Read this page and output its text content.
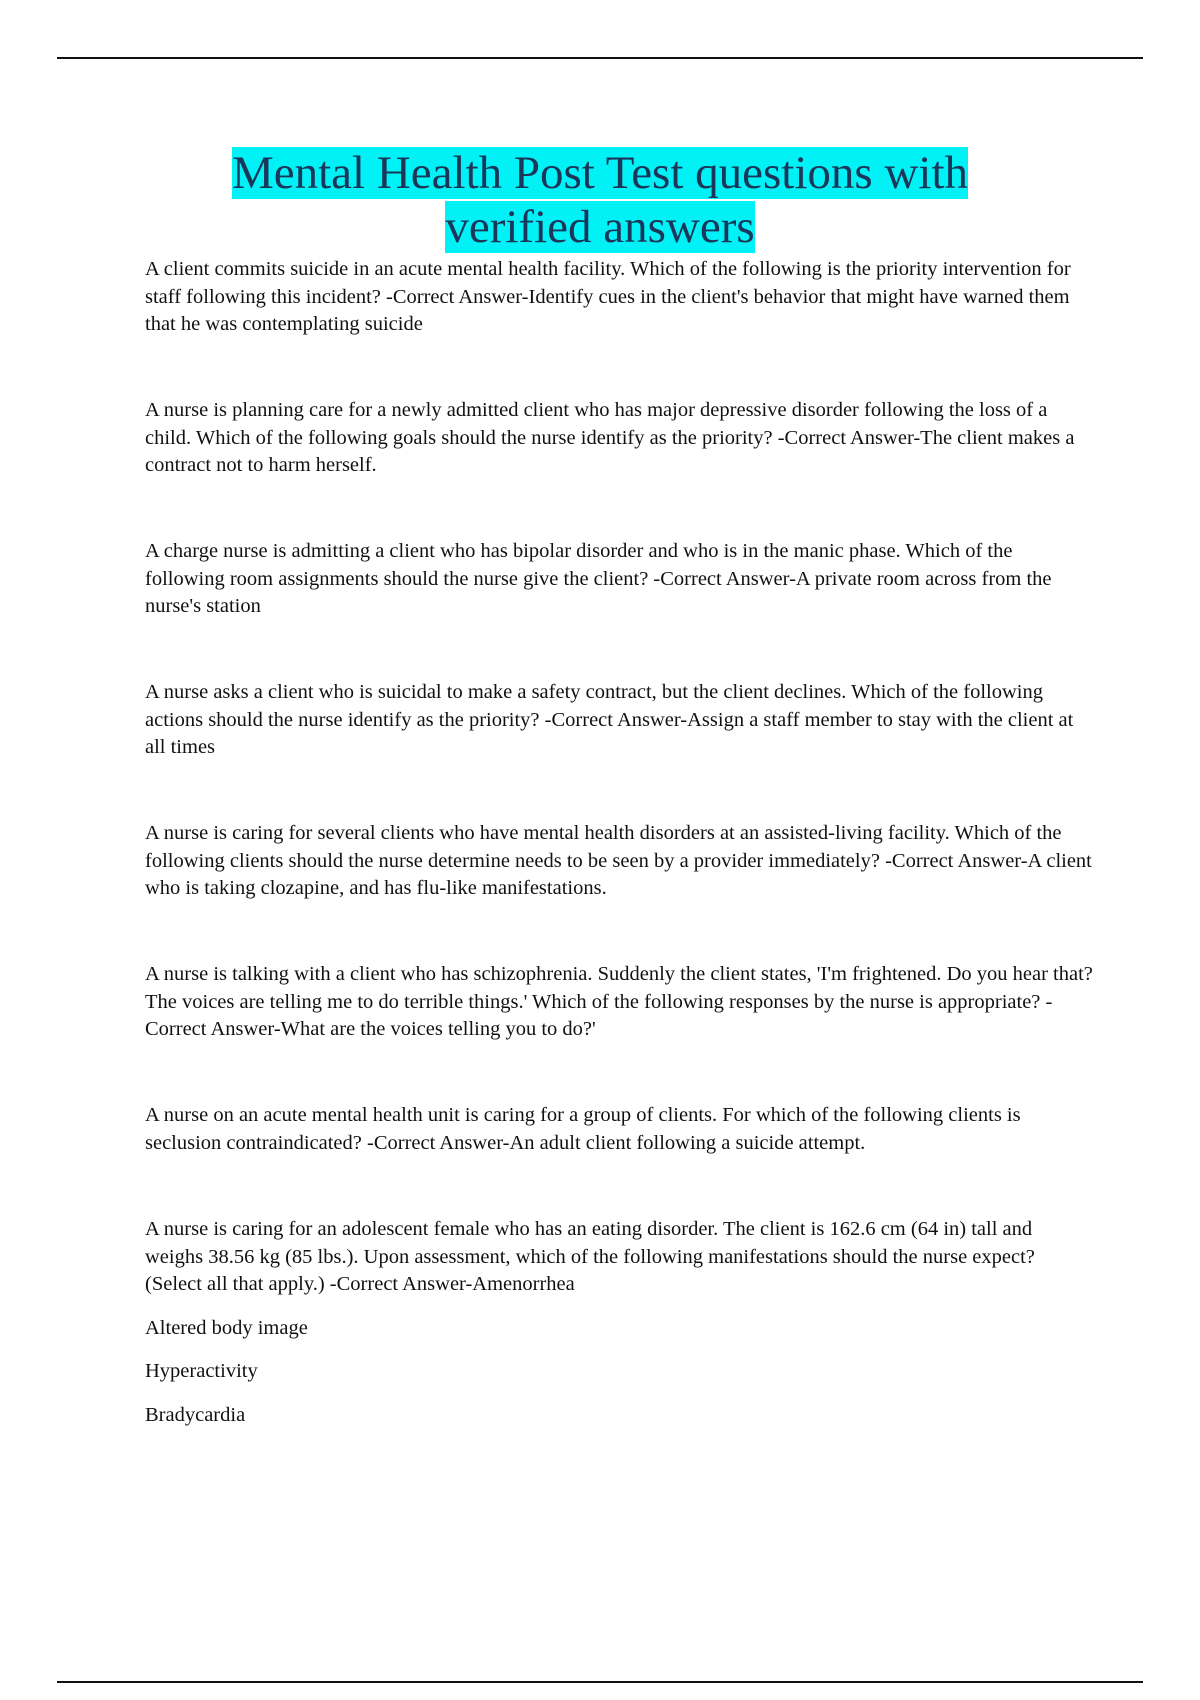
Mental Health Post Test questions with
verified answers

A client commits suicide in an acute mental health facility. Which of the following is the priority intervention for staff following this incident? -Correct Answer-Identify cues in the client's behavior that might have warned them that he was contemplating suicide

A nurse is planning care for a newly admitted client who has major depressive disorder following the loss of a child. Which of the following goals should the nurse identify as the priority? -Correct Answer-The client makes a contract not to harm herself.

A charge nurse is admitting a client who has bipolar disorder and who is in the manic phase. Which of the following room assignments should the nurse give the client? -Correct Answer-A private room across from the nurse's station

A nurse asks a client who is suicidal to make a safety contract, but the client declines. Which of the following actions should the nurse identify as the priority? -Correct Answer-Assign a staff member to stay with the client at all times

A nurse is caring for several clients who have mental health disorders at an assisted-living facility. Which of the following clients should the nurse determine needs to be seen by a provider immediately? -Correct Answer-A client who is taking clozapine, and has flu-like manifestations.

A nurse is talking with a client who has schizophrenia. Suddenly the client states, 'I'm frightened. Do you hear that? The voices are telling me to do terrible things.' Which of the following responses by the nurse is appropriate? -Correct Answer-What are the voices telling you to do?'

A nurse on an acute mental health unit is caring for a group of clients. For which of the following clients is seclusion contraindicated? -Correct Answer-An adult client following a suicide attempt.

A nurse is caring for an adolescent female who has an eating disorder. The client is 162.6 cm (64 in) tall and weighs 38.56 kg (85 lbs.). Upon assessment, which of the following manifestations should the nurse expect? (Select all that apply.) -Correct Answer-Amenorrhea

Altered body image

Hyperactivity

Bradycardia
